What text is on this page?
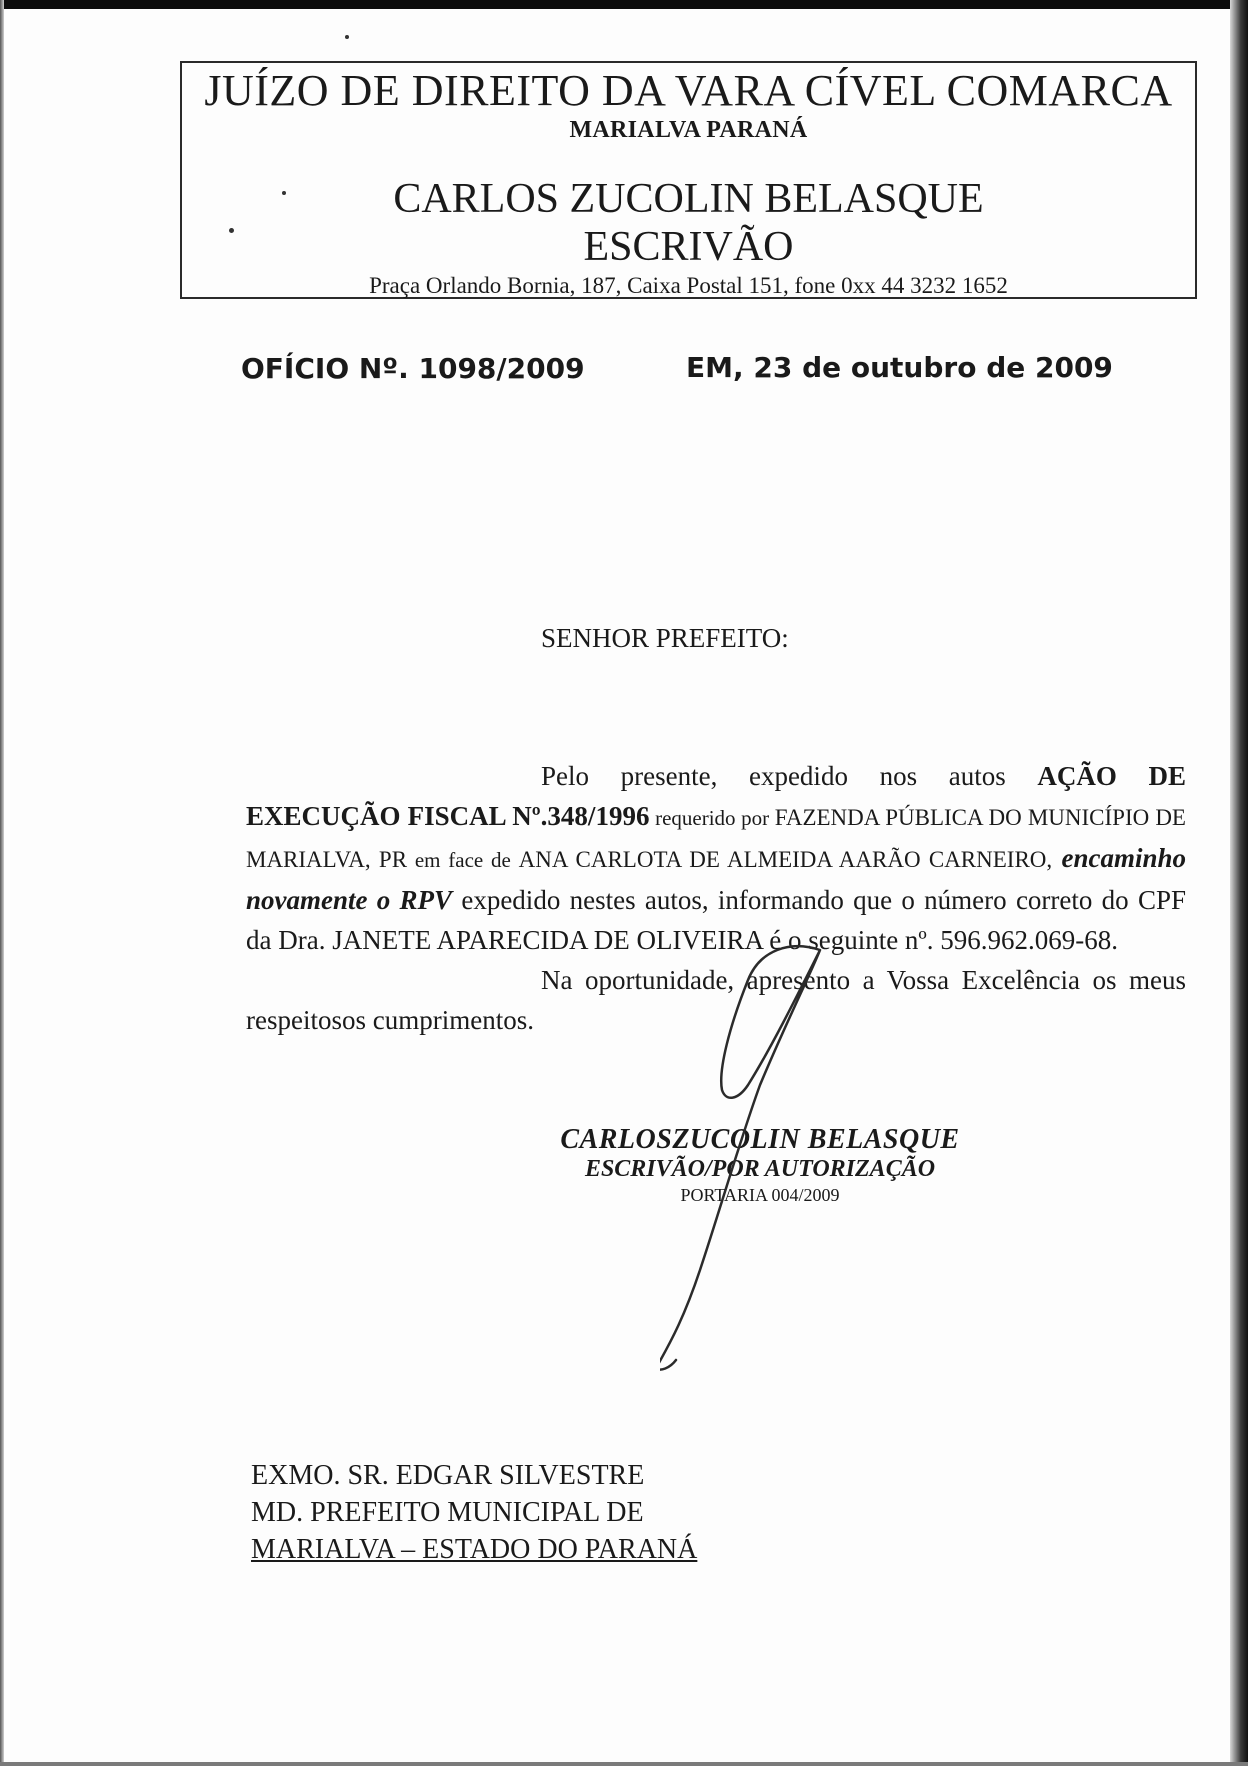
JUÍZO DE DIREITO DA VARA CÍVEL COMARCA
MARIALVA PARANÁ
CARLOS ZUCOLIN BELASQUE
ESCRIVÃO
Praça Orlando Bornia, 187, Caixa Postal 151, fone 0xx 44 3232 1652
OFÍCIO Nº. 1098/2009	EM, 23 de outubro de 2009
SENHOR PREFEITO:

Pelo presente, expedido nos autos AÇÃO DE EXECUÇÃO FISCAL Nº.348/1996 requerido por FAZENDA PÚBLICA DO MUNICÍPIO DE MARIALVA, PR em face de ANA CARLOTA DE ALMEIDA AARÃO CARNEIRO, encaminho novamente o RPV expedido nestes autos, informando que o número correto do CPF da Dra. JANETE APARECIDA DE OLIVEIRA é o seguinte nº. 596.962.069-68.

Na oportunidade, apresento a Vossa Excelência os meus respeitosos cumprimentos.

CARLOSZUCOLIN BELASQUE
ESCRIVÃO/POR AUTORIZAÇÃO
PORTARIA 004/2009
EXMO. SR. EDGAR SILVESTRE
MD. PREFEITO MUNICIPAL DE
MARIALVA – ESTADO DO PARANÁ
